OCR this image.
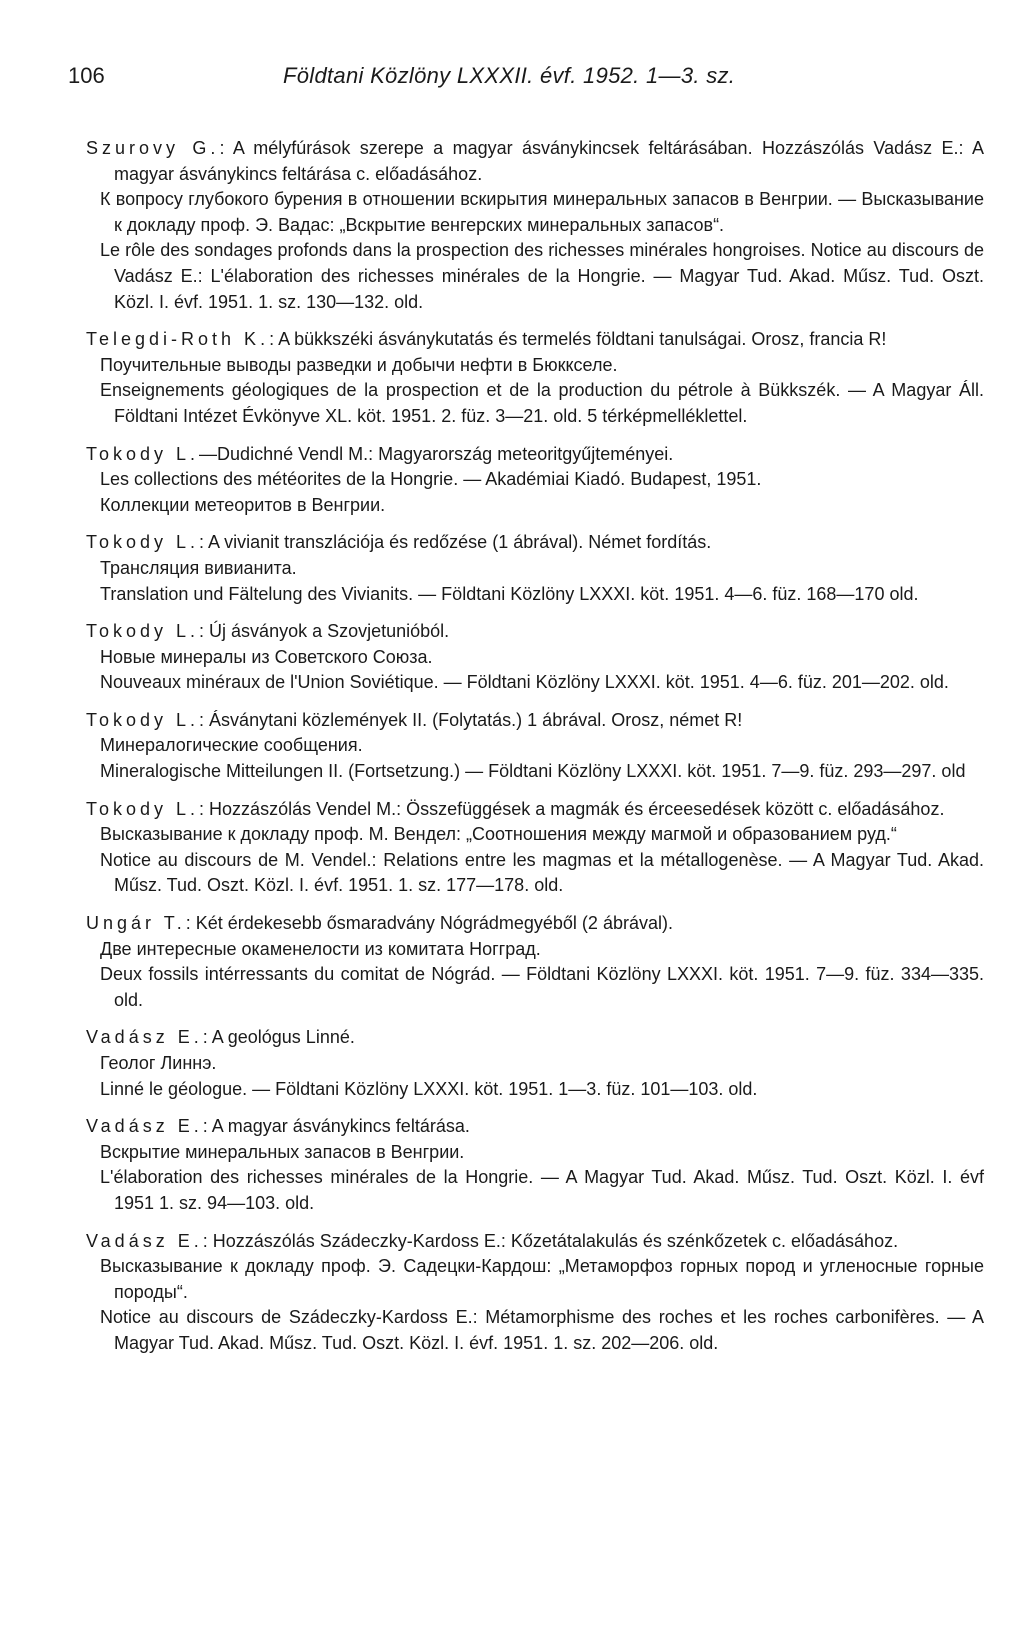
106	Földtani Közlöny LXXXII. évf. 1952. 1—3. sz.

Szurovy G.: A mélyfúrások szerepe a magyar ásványkincsek feltárásában. Hozzászólás Vadász E.: A magyar ásványkincs feltárása c. előadásához.

К вопросу глубокого бурения в отношении вскирытия минеральных запасов в Венгрии. — Высказывание к докладу проф. Э. Вадас: „Вскрытие венгерских минеральных запасов“.

Le rôle des sondages profonds dans la prospection des richesses minérales hongroises. Notice au discours de Vadász E.: L'élaboration des richesses minérales de la Hongrie. — Magyar Tud. Akad. Műsz. Tud. Oszt. Közl. I. évf. 1951. 1. sz. 130—132. old.

Telegdi-Roth K.: A bükkszéki ásványkutatás és termelés földtani tanulságai. Orosz, francia R!

Поучительные выводы разведки и добычи нефти в Бюккселе.

Enseignements géologiques de la prospection et de la production du pétrole à Bükkszék. — A Magyar Áll. Földtani Intézet Évkönyve XL. köt. 1951. 2. füz. 3—21. old. 5 térképmelléklettel.

Tokody L.—Dudichné Vendl M.: Magyarország meteoritgyűjteményei.

Les collections des météorites de la Hongrie. — Akadémiai Kiadó. Budapest, 1951.

Коллекции метеоритов в Венгрии.

Tokody L.: A vivianit transzlációja és redőzése (1 ábrával). Német fordítás.

Трансляция вивианита.

Translation und Fältelung des Vivianits. — Földtani Közlöny LXXXI. köt. 1951. 4—6. füz. 168—170 old.

Tokody L.: Új ásványok a Szovjetunióból.

Новые минералы из Советского Союза.

Nouveaux minéraux de l'Union Soviétique. — Földtani Közlöny LXXXI. köt. 1951. 4—6. füz. 201—202. old.

Tokody L.: Ásványtani közlemények II. (Folytatás.) 1 ábrával. Orosz, német R!

Минералогические сообщения.

Mineralogische Mitteilungen II. (Fortsetzung.) — Földtani Közlöny LXXXI. köt. 1951. 7—9. füz. 293—297. old

Tokody L.: Hozzászólás Vendel M.: Összefüggések a magmák és érceesedések között c. előadásához.

Высказывание к докладу проф. М. Вендел: „Соотношения между магмой и образованием руд.“

Notice au discours de M. Vendel.: Relations entre les magmas et la métallogenèse. — A Magyar Tud. Akad. Műsz. Tud. Oszt. Közl. I. évf. 1951. 1. sz. 177—178. old.

Ungár T.: Két érdekesebb ősmaradvány Nógrádmegyéből (2 ábrával).

Две интересные окаменелости из комитата Ногград.

Deux fossils intérressants du comitat de Nógrád. — Földtani Közlöny LXXXI. köt. 1951. 7—9. füz. 334—335. old.

Vadász E.: A geológus Linné.

Геолог Линнэ.

Linné le géologue. — Földtani Közlöny LXXXI. köt. 1951. 1—3. füz. 101—103. old.

Vadász E.: A magyar ásványkincs feltárása.

Вскрытие минеральных запасов в Венгрии.

L'élaboration des richesses minérales de la Hongrie. — A Magyar Tud. Akad. Műsz. Tud. Oszt. Közl. I. évf 1951 1. sz. 94—103. old.

Vadász E.: Hozzászólás Szádeczky-Kardoss E.: Kőzetátalakulás és szénkőzetek c. előadásához.

Высказывание к докладу проф. Э. Садецки-Кардош: „Метаморфоз горных пород и угленосные горные породы“.

Notice au discours de Szádeczky-Kardoss E.: Métamorphisme des roches et les roches carbonifères. — A Magyar Tud. Akad. Műsz. Tud. Oszt. Közl. I. évf. 1951. 1. sz. 202—206. old.
